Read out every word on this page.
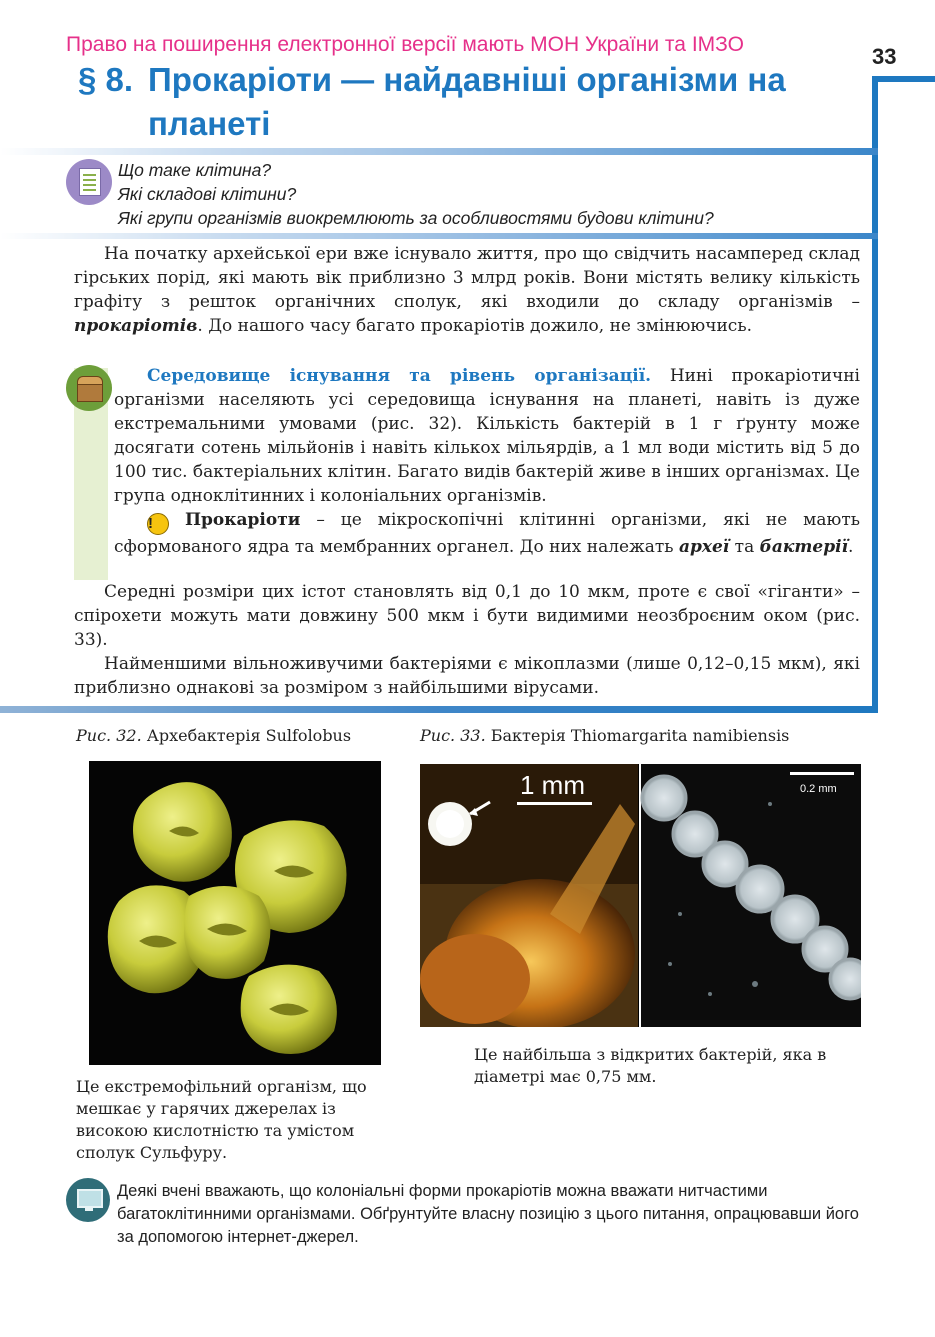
Право на поширення електронної версії мають МОН України та ІМЗО	33
§ 8. Прокаріоти — найдавніші організми на
планеті
Що таке клітина?
Які складові клітини?
Які групи організмів виокремлюють за особливостями будови клітини?
На початку архейської ери вже існувало життя, про що свідчить насамперед склад гірських порід, які мають вік приблизно 3 млрд років. Вони містять велику кількість графіту з решток органічних сполук, які входили до складу організмів – прокаріотів. До нашого часу багато прокаріотів дожило, не змінюючись.
Середовище існування та рівень організації. Нині прокаріотичні організми населяють усі середовища існування на планеті, навіть із дуже екстремальними умовами (рис. 32). Кількість бактерій в 1 г ґрунту може досягати сотень мільйонів і навіть кількох мільярдів, а 1 мл води містить від 5 до 100 тис. бактеріальних клітин. Багато видів бактерій живе в інших організмах. Це група одноклітинних і колоніальних організмів.
! Прокаріоти – це мікроскопічні клітинні організми, які не мають сформованого ядра та мембранних органел. До них належать археї та бактерії.
Середні розміри цих істот становлять від 0,1 до 10 мкм, проте є свої «гіганти» – спірохети можуть мати довжину 500 мкм і бути видимими неозброєним оком (рис. 33).
Найменшими вільноживучими бактеріями є мікоплазми (лише 0,12–0,15 мкм), які приблизно однакові за розміром з найбільшими вірусами.
Рис. 32. Архебактерія Sulfolobus
Це екстремофільний організм, що мешкає у гарячих джерелах із високою кислотністю та умістом сполук Сульфуру.
Рис. 33. Бактерія Thiomargarita namibiensis
1 mm	0.2 mm
Це найбільша з відкритих бактерій, яка в діаметрі має 0,75 мм.
Деякі вчені вважають, що колоніальні форми прокаріотів можна вважати нитчастими багатоклітинними організмами. Обґрунтуйте власну позицію з цього питання, опрацювавши його за допомогою інтернет-джерел.
